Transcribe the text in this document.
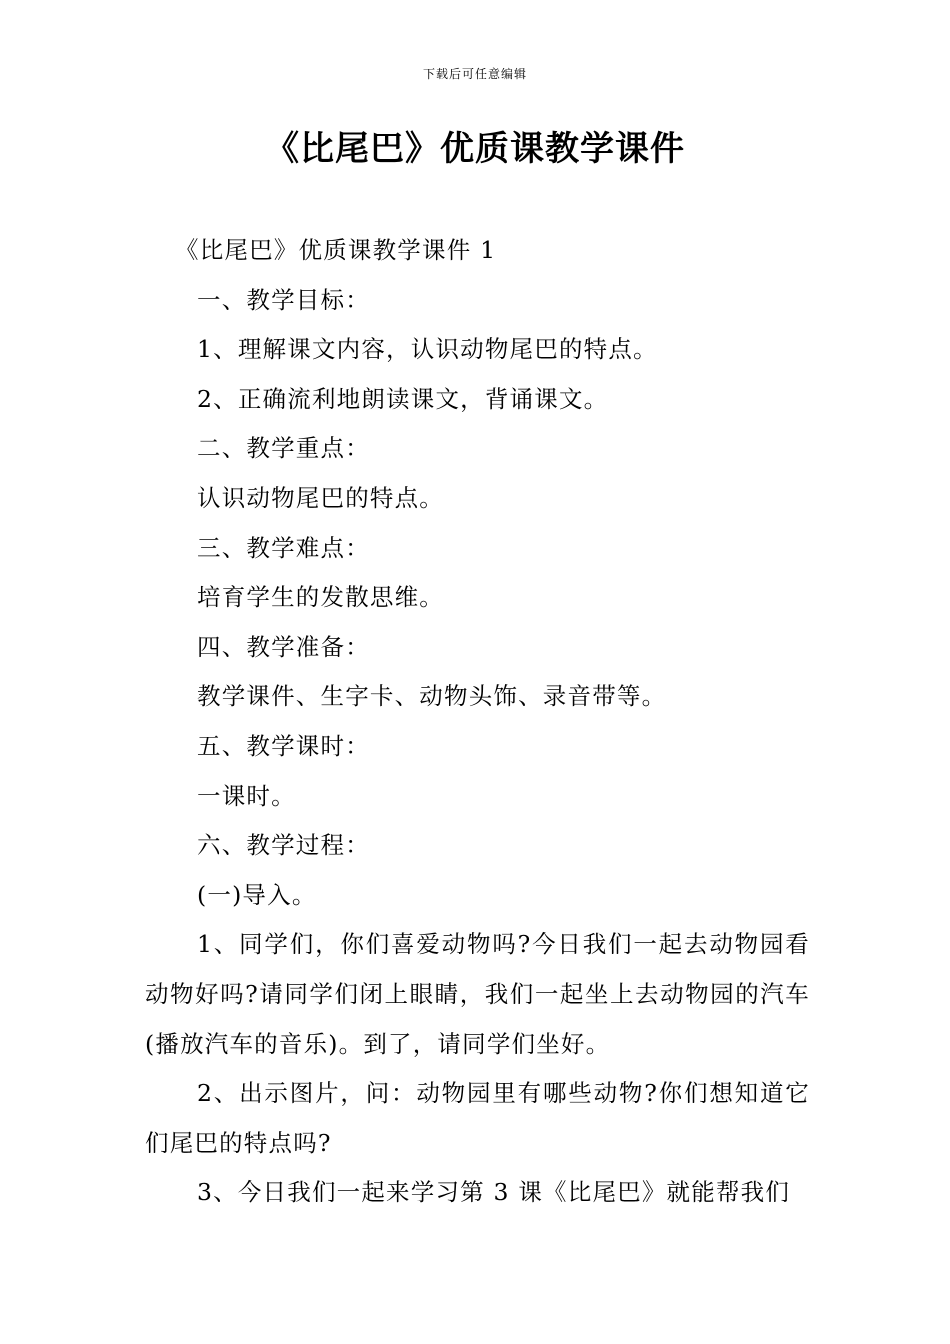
下载后可任意编辑
《比尾巴》优质课教学课件
《比尾巴》优质课教学课件 1
一、教学目标：
1、理解课文内容，认识动物尾巴的特点。
2、正确流利地朗读课文，背诵课文。
二、教学重点：
认识动物尾巴的特点。
三、教学难点：
培育学生的发散思维。
四、教学准备：
教学课件、生字卡、动物头饰、录音带等。
五、教学课时：
一课时。
六、教学过程：
(一)导入。

1、同学们，你们喜爱动物吗?今日我们一起去动物园看动物好吗?请同学们闭上眼睛，我们一起坐上去动物园的汽车(播放汽车的音乐)。到了，请同学们坐好。

2、出示图片，问：动物园里有哪些动物?你们想知道它们尾巴的特点吗?

3、今日我们一起来学习第 3 课《比尾巴》就能帮我们
